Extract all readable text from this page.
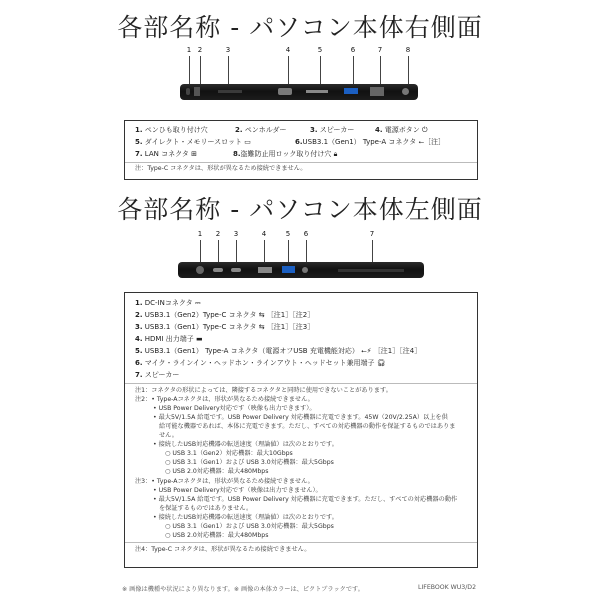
各部名称 - パソコン本体右側面
1 2	3	4	5	6	7	8
1. ペンひも取り付け穴	2. ペンホルダー	3. スピーカー	4. 電源ボタン ⏻
5. ダイレクト・メモリースロット ▭	6.USB3.1（Gen1） Type-A コネクタ ⭠［注］
7. LAN コネクタ ⊞	8.盗難防止用ロック取り付け穴 🔒︎
注：Type-C コネクタは、形状が異なるため接続できません。
各部名称 - パソコン本体左側面
1	2	3	4	5	6	7
1. DC-INコネクタ ⎓
2. USB3.1（Gen2）Type-C コネクタ ⇆ ［注1］［注2］
3. USB3.1（Gen1）Type-C コネクタ ⇆ ［注1］［注3］
4. HDMI 出力端子 ▬
5. USB3.1（Gen1） Type-A コネクタ（電源オフUSB 充電機能対応） ⭠⚡ ［注1］［注4］
6. マイク・ラインイン・ヘッドホン・ラインアウト・ヘッドセット兼用端子 🎧︎
7. スピーカー
注1：コネクタの形状によっては、隣接するコネクタと同時に使用できないことがあります。
注2：• Type-Aコネクタは、形状が異なるため接続できません。
• USB Power Delivery対応です（映像も出力できます）。
• 最大5V/1.5A 給電です。USB Power Delivery 対応機器に充電できます。45W（20V/2.25A）以上を供
給可能な機器であれば、本体に充電できます。ただし、すべての対応機器の動作を保証するものではありま
せん。
• 接続したUSB対応機器の転送速度（理論値）は次のとおりです。
○ USB 3.1（Gen2）対応機器：最大10Gbps
○ USB 3.1（Gen1）および USB 3.0対応機器：最大5Gbps
○ USB 2.0対応機器：最大480Mbps
注3：• Type-Aコネクタは、形状が異なるため接続できません。
• USB Power Delivery対応です（映像は出力できません）。
• 最大5V/1.5A 給電です。USB Power Delivery 対応機器に充電できます。ただし、すべての対応機器の動作
を保証するものではありません。
• 接続したUSB対応機器の転送速度（理論値）は次のとおりです。
○ USB 3.1（Gen1）および USB 3.0対応機器：最大5Gbps
○ USB 2.0対応機器：最大480Mbps
注4：Type-C コネクタは、形状が異なるため接続できません。
※ 画像は機種や状況により異なります。※ 画像の本体カラーは、ピクトブラックです。	LIFEBOOK WU3/D2
